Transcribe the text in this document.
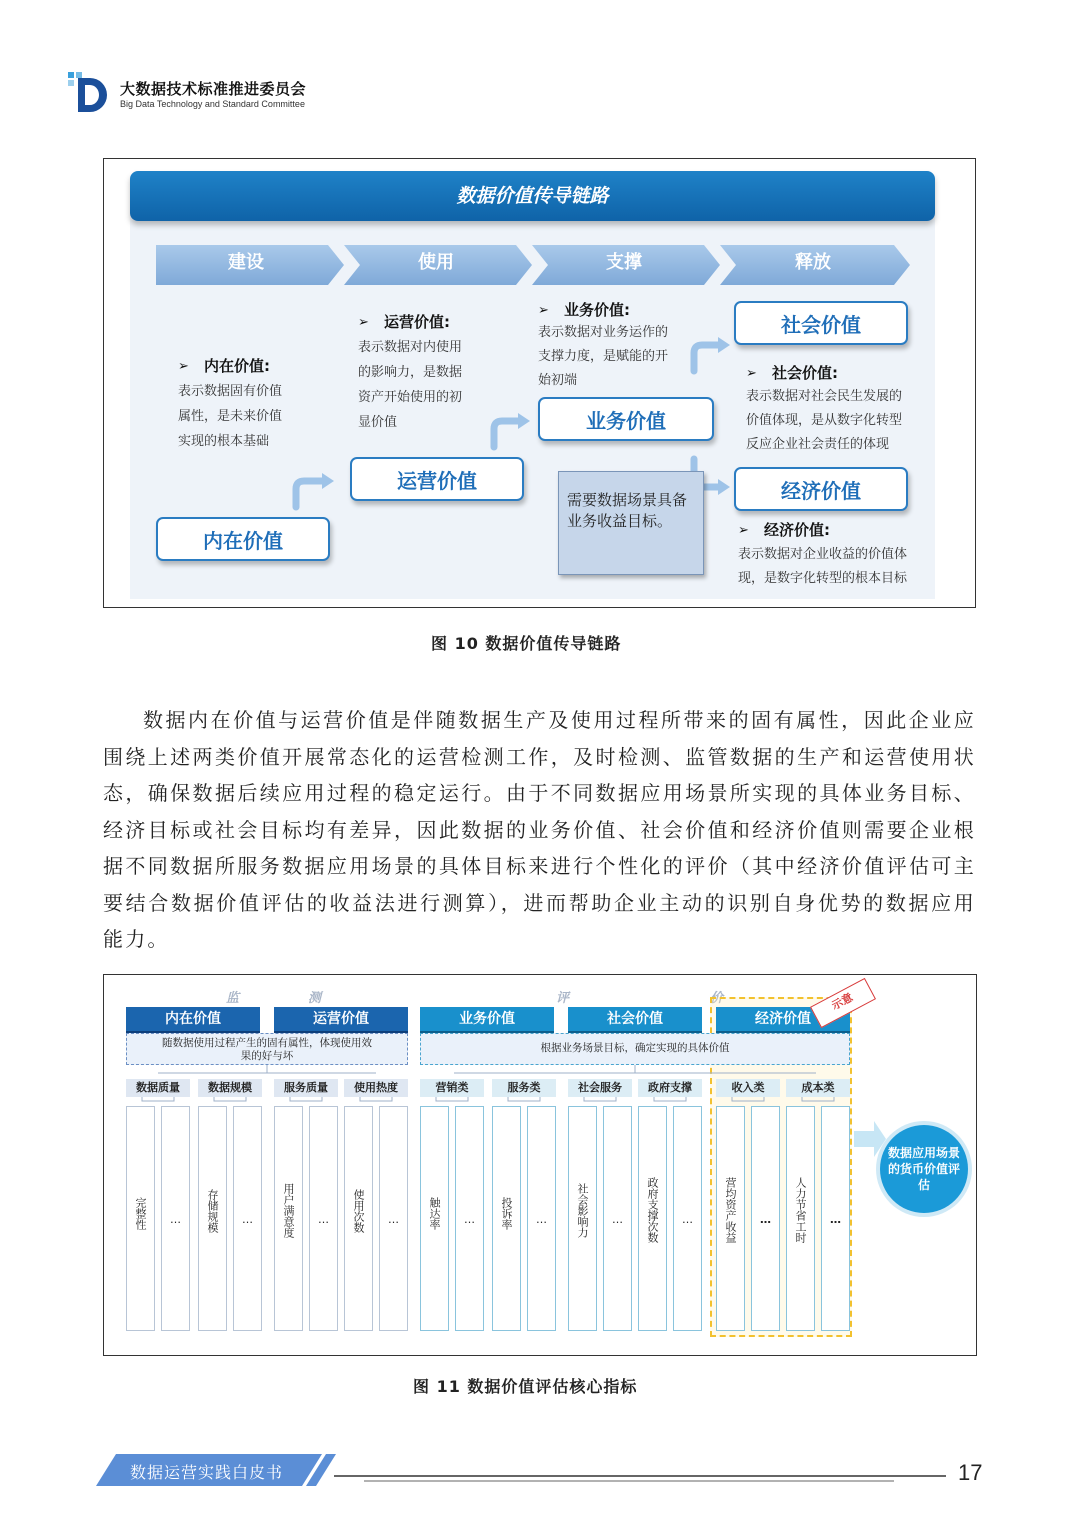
大数据技术标准推进委员会
Big Data Technology and Standard Committee
数据价值传导链路
➢
➢
➢
➢
➢
建设	使用	支撑	释放
内在价值
运营价值
业务价值
社会价值
经济价值
内在价值:
表示数据固有价值
属性，是未来价值
实现的根本基础
运营价值:
表示数据对内使用
的影响力，是数据
资产开始使用的初
显价值
业务价值:
表示数据对业务运作的
支撑力度，是赋能的开
始初端	社会价值:
表示数据对社会民生发展的
价值体现，是从数字化转型
反应企业社会责任的体现
经济价值:
表示数据对企业收益的价值体
现，是数字化转型的根本目标
需要数据场景具备业务收益目标。
图 10 数据价值传导链路
数据内在价值与运营价值是伴随数据生产及使用过程所带来的固有属性，因此企业应围绕上述两类价值开展常态化的运营检测工作，及时检测、监管数据的生产和运营使用状态，确保数据后续应用过程的稳定运行。由于不同数据应用场景所实现的具体业务目标、经济目标或社会目标均有差异，因此数据的业务价值、社会价值和经济价值则需要企业根据不同数据所服务数据应用场景的具体目标来进行个性化的评价（其中经济价值评估可主要结合数据价值评估的收益法进行测算），进而帮助企业主动的识别自身优势的数据应用能力。
监	测	评	价
内在价值	运营价值	业务价值	社会价值	经济价值
示意
随数据使用过程产生的固有属性，体现使用效果的好与坏
根据业务场景目标，确定实现的具体价值
数据质量	数据规模	服务质量	使用热度	营销类	服务类	社会服务	政府支撑	收入类	成本类
完整性	存储规模	用户满意度	使用次数	触达率	投诉率	社会影响力	政府支撑次数	营均资产收益	人力节省工时
…	…	…	…	…	…	…	…	…	…
数据应用场景的货币价值评估
图 11 数据价值评估核心指标
数据运营实践白皮书	17
